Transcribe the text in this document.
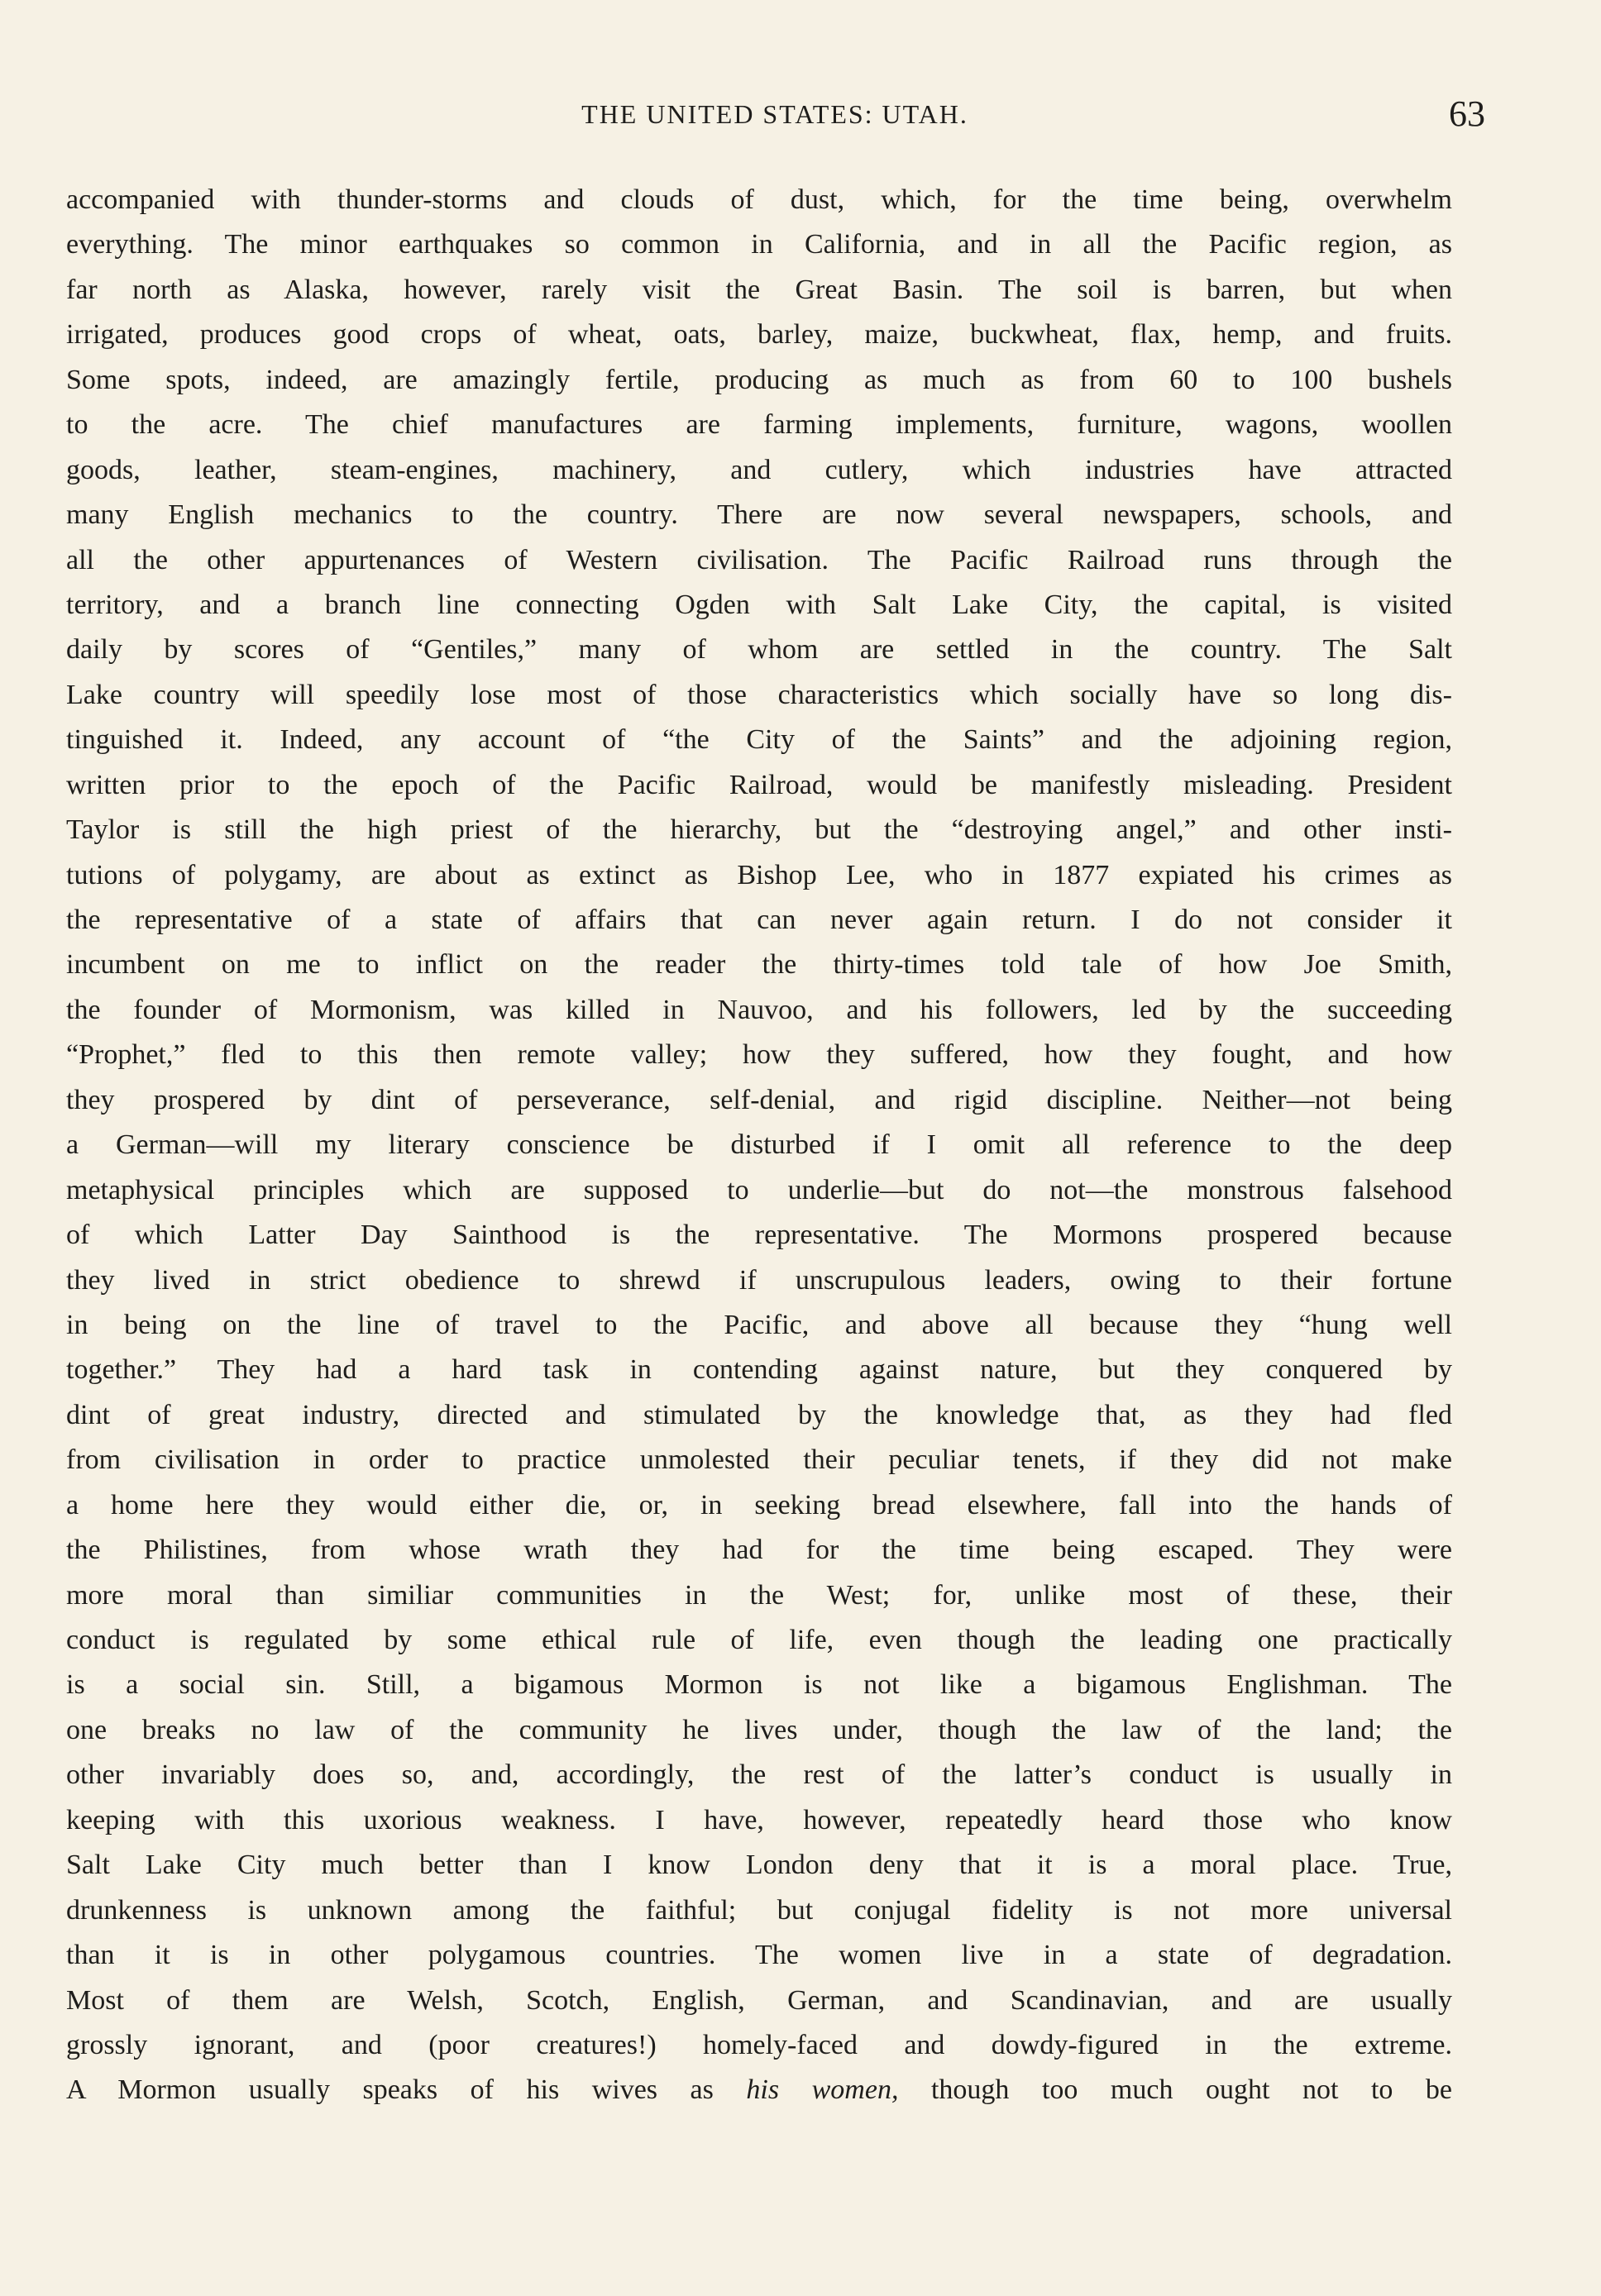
THE UNITED STATES: UTAH.	63
accompanied with thunder-storms and clouds of dust, which, for the time being, overwhelm
everything. The minor earthquakes so common in California, and in all the Pacific region, as
far north as Alaska, however, rarely visit the Great Basin. The soil is barren, but when
irrigated, produces good crops of wheat, oats, barley, maize, buckwheat, flax, hemp, and fruits.
Some spots, indeed, are amazingly fertile, producing as much as from 60 to 100 bushels
to the acre. The chief manufactures are farming implements, furniture, wagons, woollen
goods, leather, steam-engines, machinery, and cutlery, which industries have attracted
many English mechanics to the country. There are now several newspapers, schools, and
all the other appurtenances of Western civilisation. The Pacific Railroad runs through the
territory, and a branch line connecting Ogden with Salt Lake City, the capital, is visited
daily by scores of “Gentiles,” many of whom are settled in the country. The Salt
Lake country will speedily lose most of those characteristics which socially have so long dis-
tinguished it. Indeed, any account of “the City of the Saints” and the adjoining region,
written prior to the epoch of the Pacific Railroad, would be manifestly misleading. President
Taylor is still the high priest of the hierarchy, but the “destroying angel,” and other insti-
tutions of polygamy, are about as extinct as Bishop Lee, who in 1877 expiated his crimes as
the representative of a state of affairs that can never again return. I do not consider it
incumbent on me to inflict on the reader the thirty-times told tale of how Joe Smith,
the founder of Mormonism, was killed in Nauvoo, and his followers, led by the succeeding
“Prophet,” fled to this then remote valley; how they suffered, how they fought, and how
they prospered by dint of perseverance, self-denial, and rigid discipline. Neither—not being
a German—will my literary conscience be disturbed if I omit all reference to the deep
metaphysical principles which are supposed to underlie—but do not—the monstrous falsehood
of which Latter Day Sainthood is the representative. The Mormons prospered because
they lived in strict obedience to shrewd if unscrupulous leaders, owing to their fortune
in being on the line of travel to the Pacific, and above all because they “hung well
together.” They had a hard task in contending against nature, but they conquered by
dint of great industry, directed and stimulated by the knowledge that, as they had fled
from civilisation in order to practice unmolested their peculiar tenets, if they did not make
a home here they would either die, or, in seeking bread elsewhere, fall into the hands of
the Philistines, from whose wrath they had for the time being escaped. They were
more moral than similiar communities in the West; for, unlike most of these, their
conduct is regulated by some ethical rule of life, even though the leading one practically
is a social sin. Still, a bigamous Mormon is not like a bigamous Englishman. The
one breaks no law of the community he lives under, though the law of the land; the
other invariably does so, and, accordingly, the rest of the latter’s conduct is usually in
keeping with this uxorious weakness. I have, however, repeatedly heard those who know
Salt Lake City much better than I know London deny that it is a moral place. True,
drunkenness is unknown among the faithful; but conjugal fidelity is not more universal
than it is in other polygamous countries. The women live in a state of degradation.
Most of them are Welsh, Scotch, English, German, and Scandinavian, and are usually
grossly ignorant, and (poor creatures!) homely-faced and dowdy-figured in the extreme.
A Mormon usually speaks of his wives as his women, though too much ought not to be
